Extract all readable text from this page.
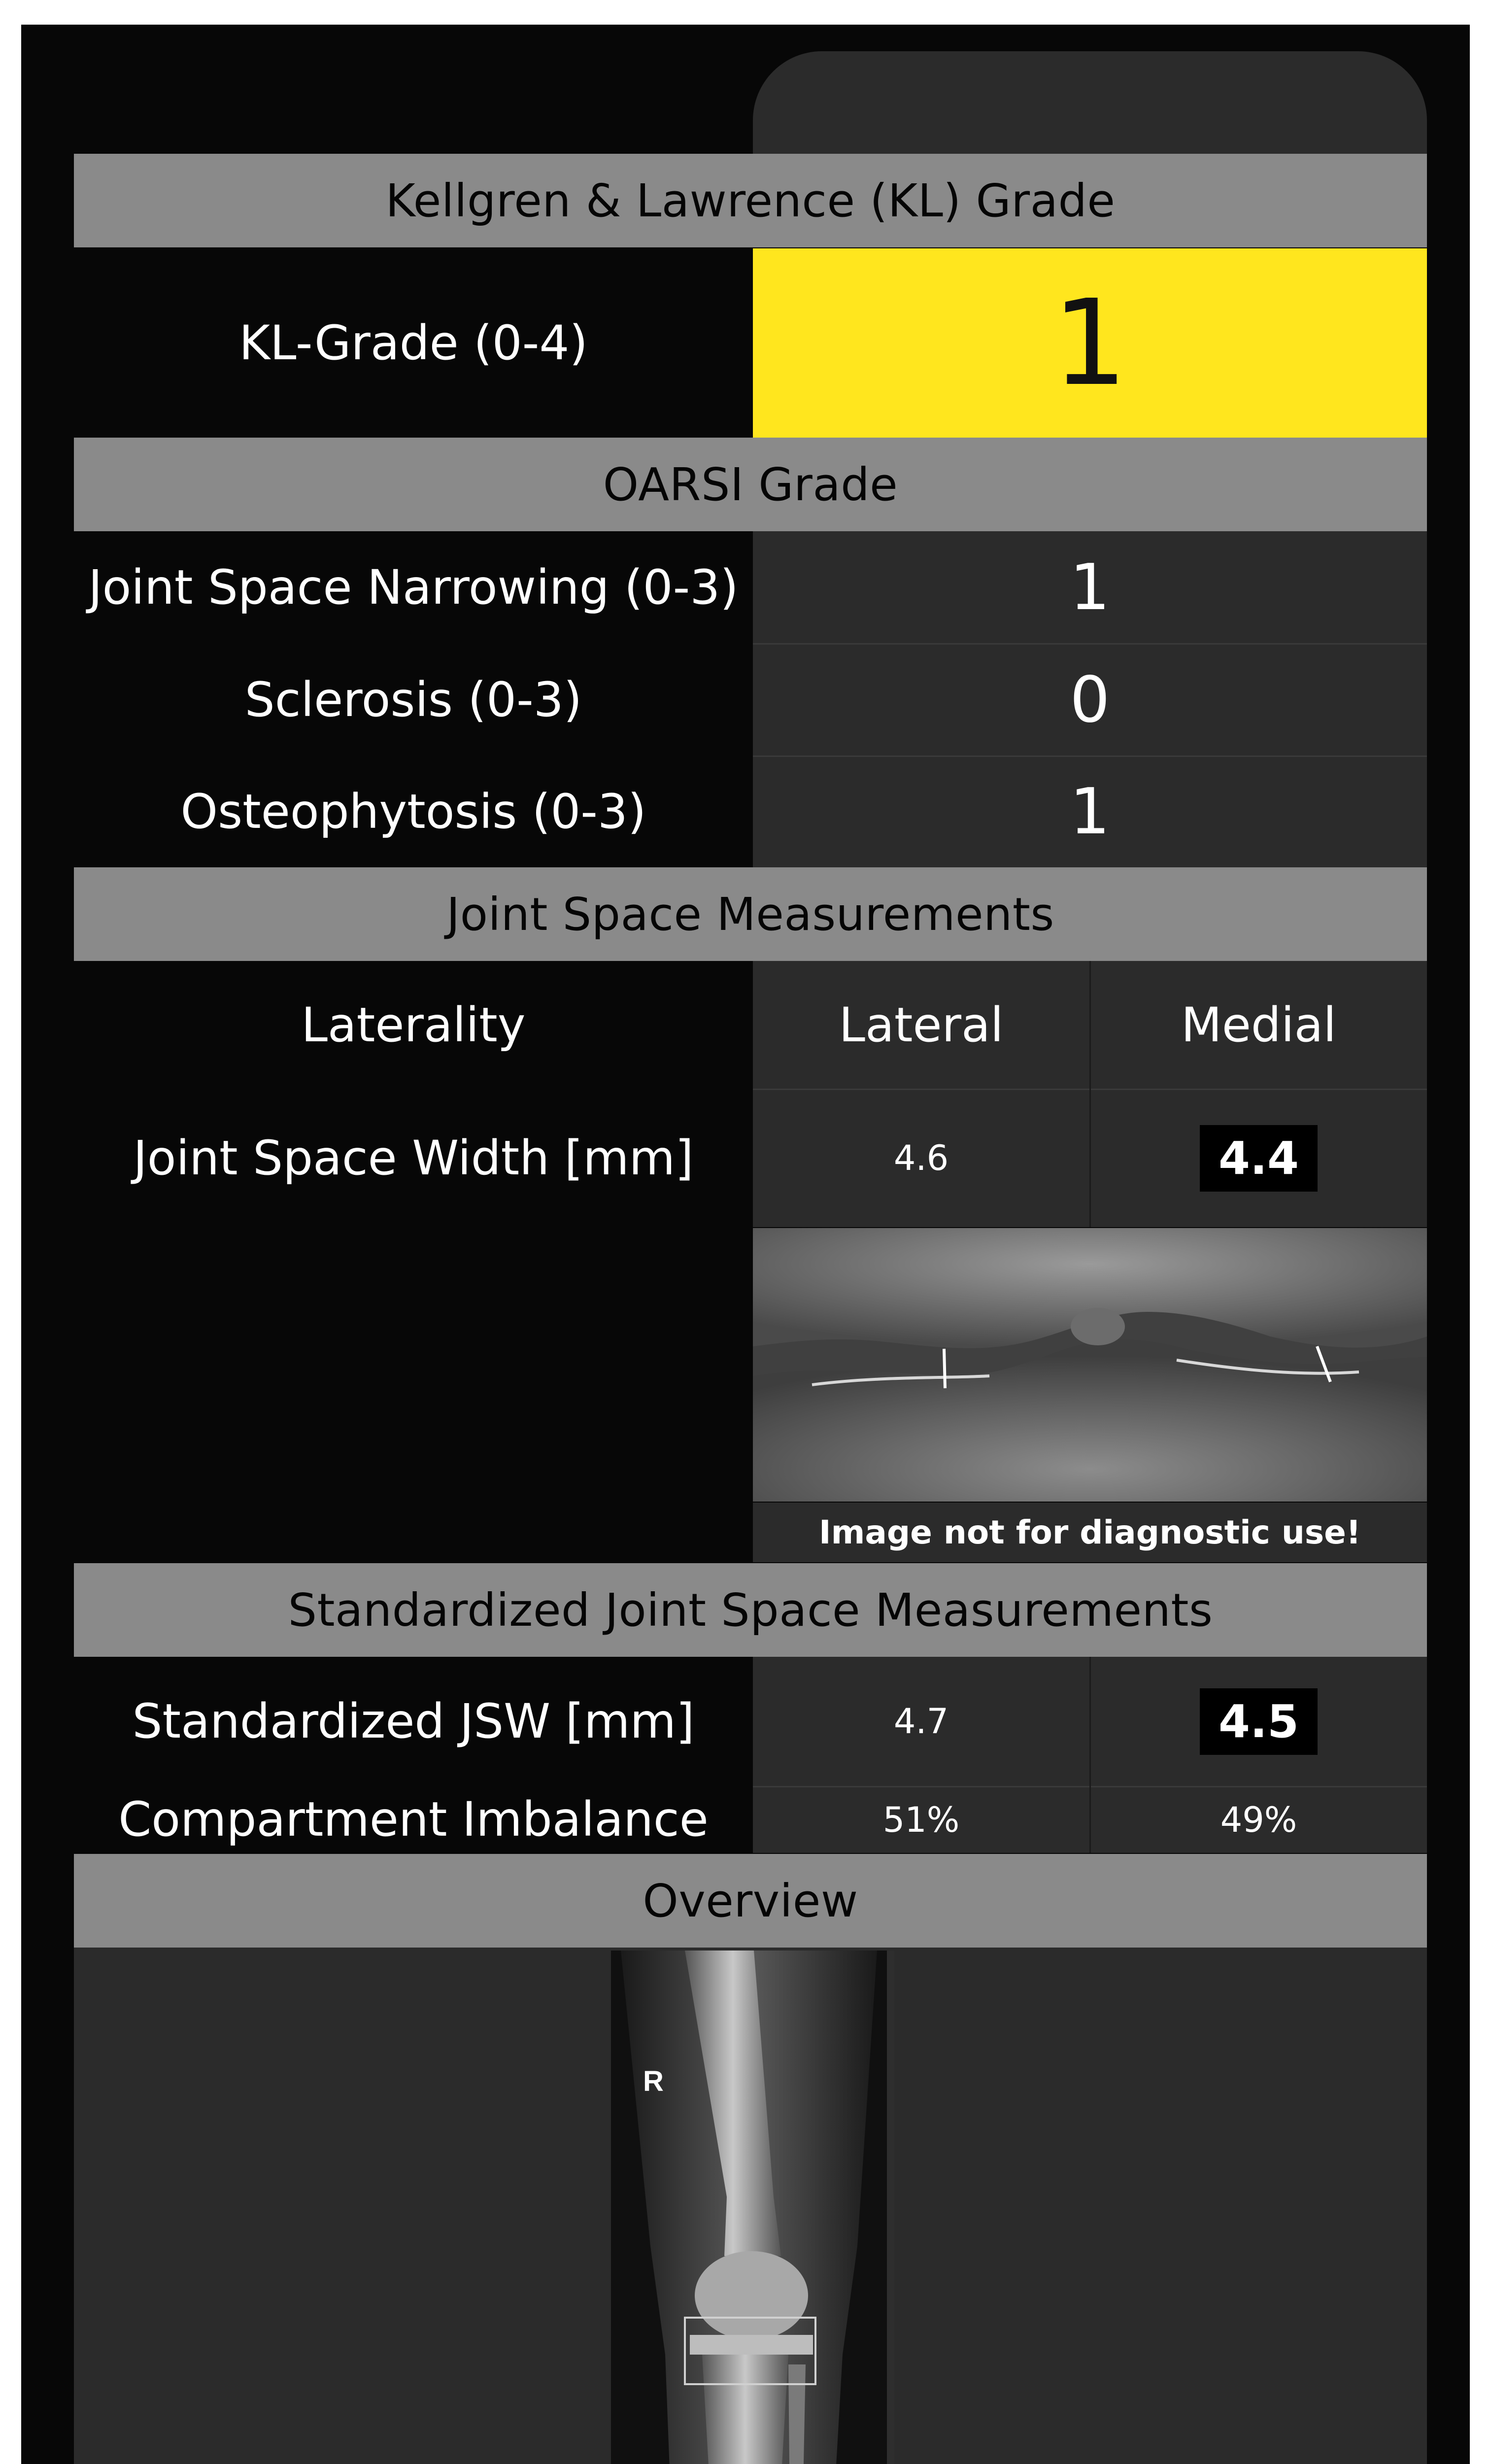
Kellgren & Lawrence (KL) Grade
KL-Grade (0-4)	1
OARSI Grade
Joint Space Narrowing (0-3)	1
Sclerosis (0-3)	0
Osteophytosis (0-3)	1
Joint Space Measurements
Laterality	Lateral	Medial
Joint Space Width [mm]	4.6	4.4
Image not for diagnostic use!
Standardized Joint Space Measurements
Standardized JSW [mm]	4.7	4.5
Compartment Imbalance	51%	49%
Overview
R
